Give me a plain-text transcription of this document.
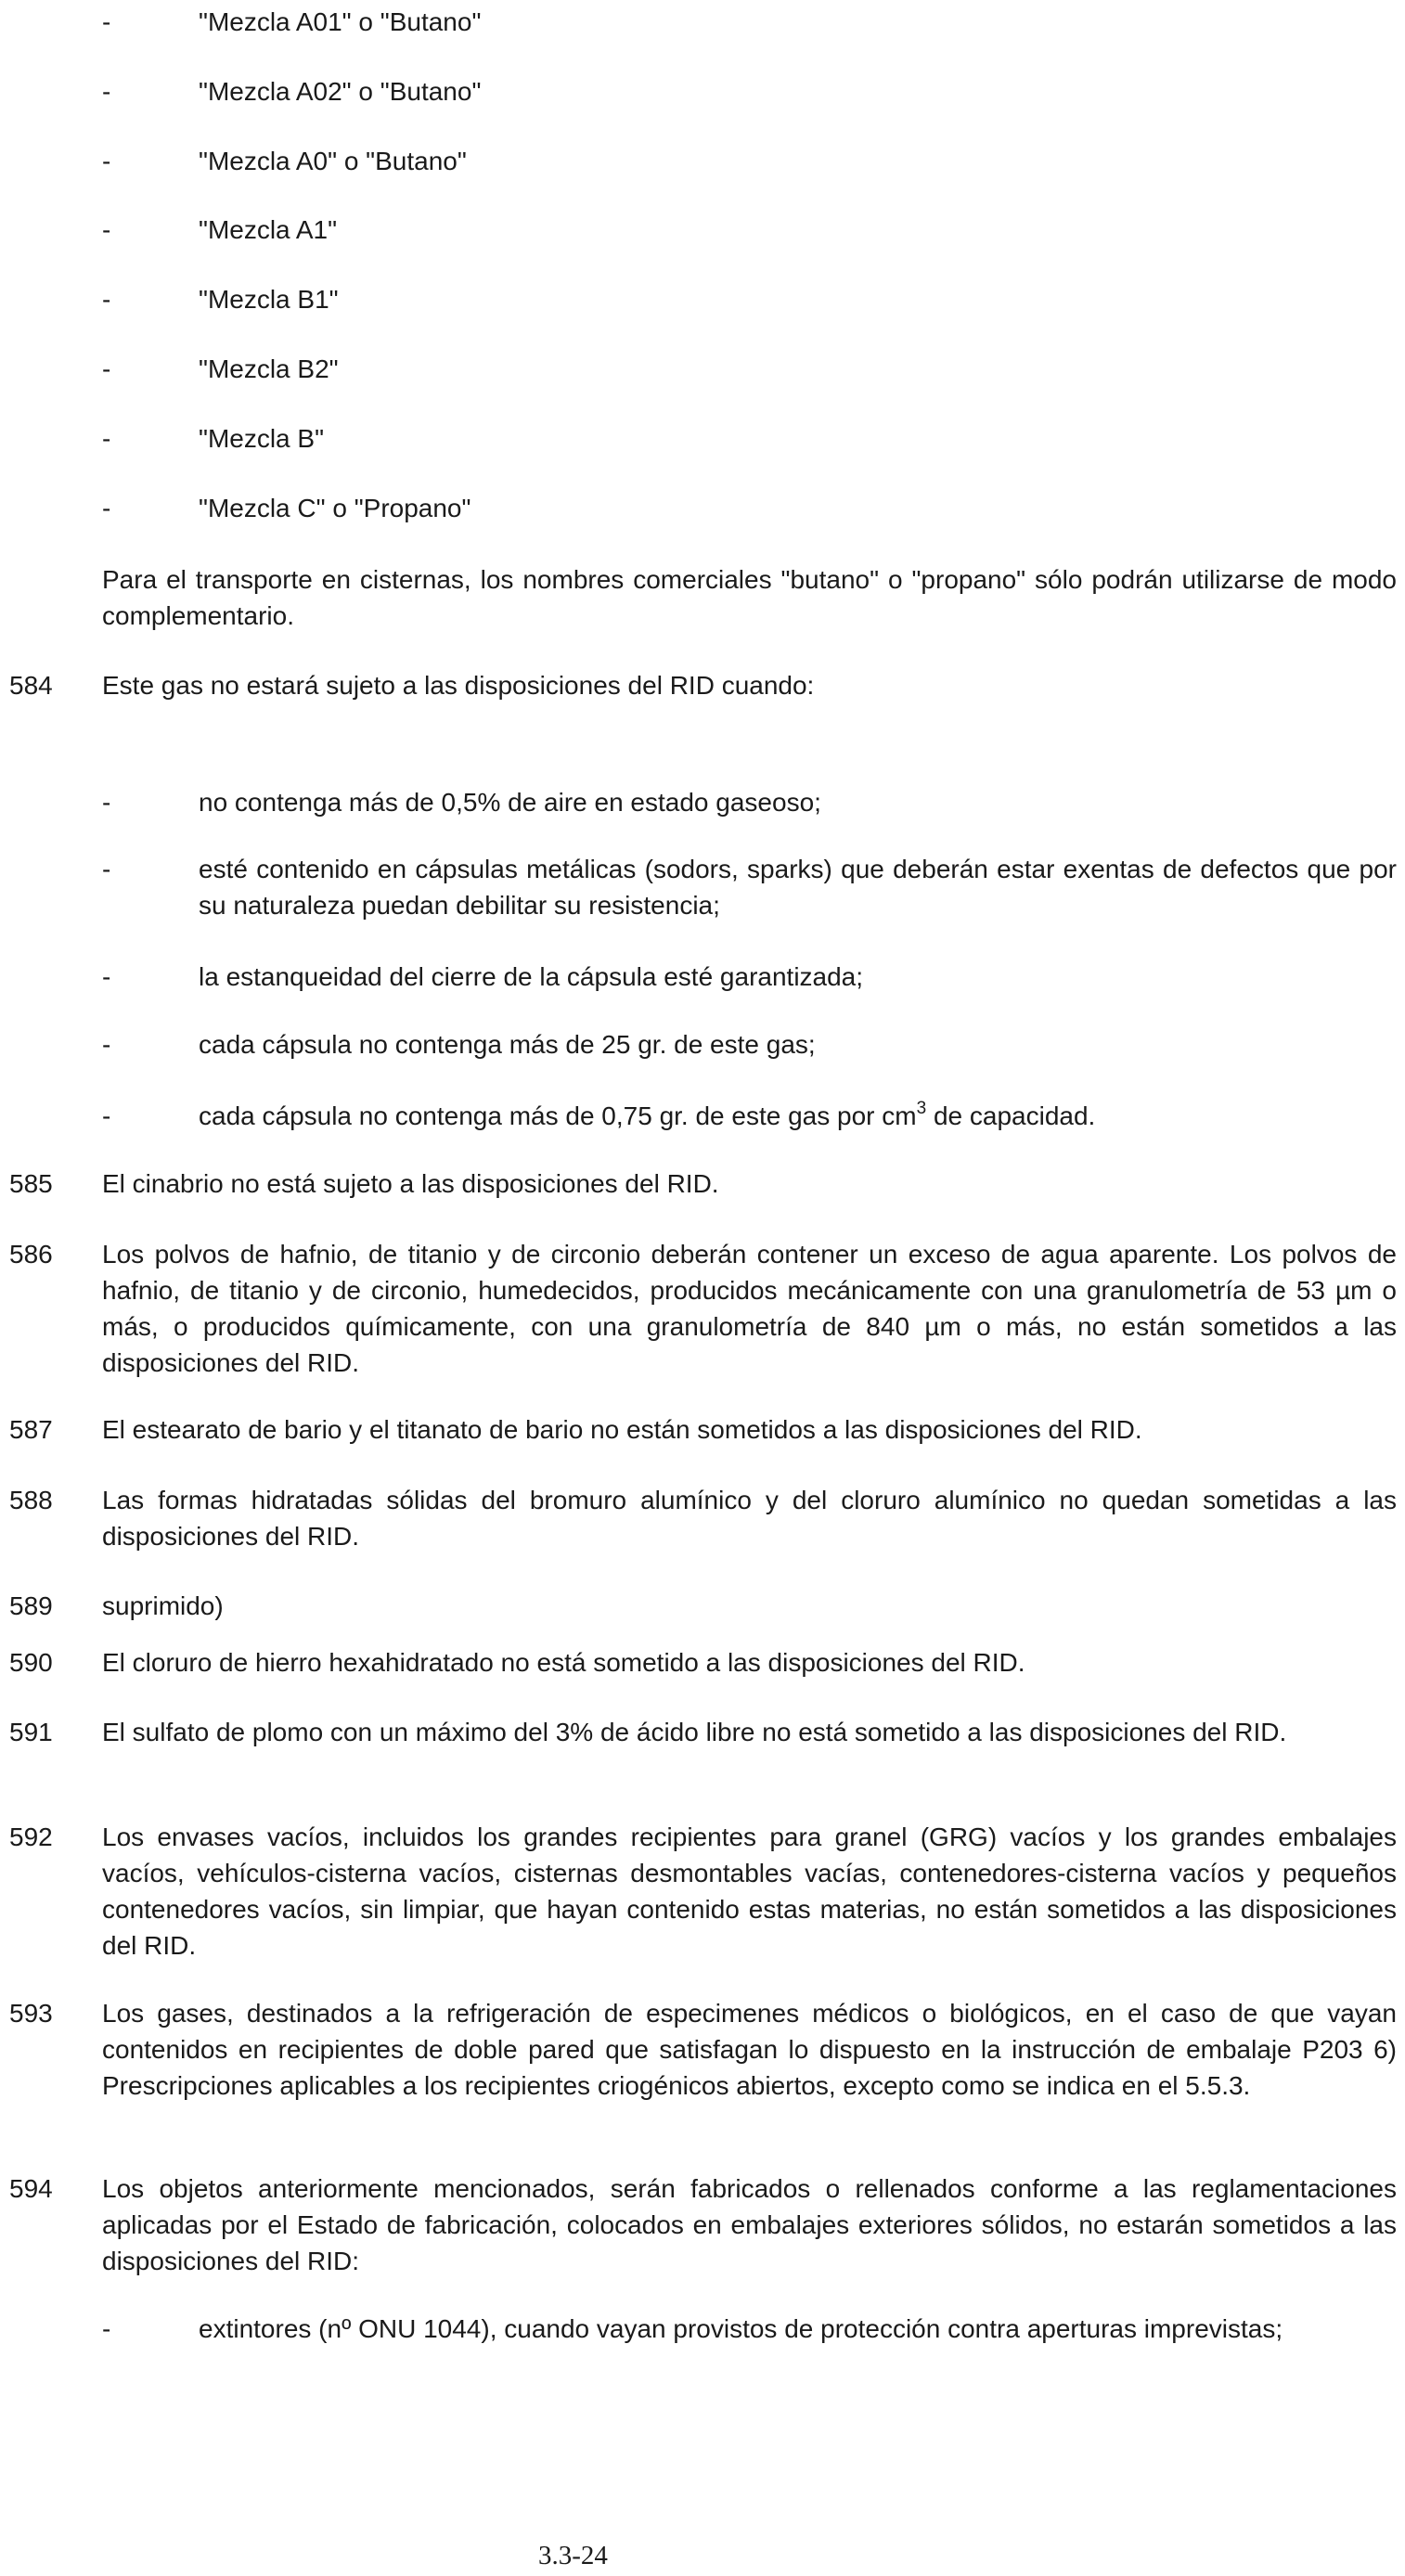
-	"Mezcla A01" o "Butano"
-	"Mezcla A02" o "Butano"
-	"Mezcla A0" o "Butano"
-	"Mezcla A1"
-	"Mezcla B1"
-	"Mezcla B2"
-	"Mezcla B"
-	"Mezcla C" o "Propano"
Para el transporte en cisternas, los nombres comerciales "butano" o "propano" sólo podrán utilizarse de modo complementario.
584 Este gas no estará sujeto a las disposiciones del RID cuando:
-	no contenga más de 0,5% de aire en estado gaseoso;
-	esté contenido en cápsulas metálicas (sodors, sparks) que deberán estar exentas de defectos que por su naturaleza puedan debilitar su resistencia;
-	la estanqueidad del cierre de la cápsula esté garantizada;
-	cada cápsula no contenga más de 25 gr. de este gas;
-	cada cápsula no contenga más de 0,75 gr. de este gas por $cm^3$ de capacidad.
585 El cinabrio no está sujeto a las disposiciones del RID.
586 Los polvos de hafnio, de titanio y de circonio deberán contener un exceso de agua aparente. Los polvos de hafnio, de titanio y de circonio, humedecidos, producidos mecánicamente con una granulometría de 53 µm o más, o producidos químicamente, con una granulometría de 840 µm o más, no están sometidos a las disposiciones del RID.
587 El estearato de bario y el titanato de bario no están sometidos a las disposiciones del RID.
588 Las formas hidratadas sólidas del bromuro alumínico y del cloruro alumínico no quedan sometidas a las disposiciones del RID.
589 suprimido)
590 El cloruro de hierro hexahidratado no está sometido a las disposiciones del RID.
591 El sulfato de plomo con un máximo del 3% de ácido libre no está sometido a las disposiciones del RID.
592 Los envases vacíos, incluidos los grandes recipientes para granel (GRG) vacíos y los grandes embalajes vacíos, vehículos-cisterna vacíos, cisternas desmontables vacías, contenedores-cisterna vacíos y pequeños contenedores vacíos, sin limpiar, que hayan contenido estas materias, no están sometidos a las disposiciones del RID.
593 Los gases, destinados a la refrigeración de especimenes médicos o biológicos, en el caso de que vayan contenidos en recipientes de doble pared que satisfagan lo dispuesto en la instrucción de embalaje P203 6) Prescripciones aplicables a los recipientes criogénicos abiertos, excepto como se indica en el 5.5.3.
594 Los objetos anteriormente mencionados, serán fabricados o rellenados conforme a las reglamentaciones aplicadas por el Estado de fabricación, colocados en embalajes exteriores sólidos, no estarán sometidos a las disposiciones del RID:
-	extintores (nº ONU 1044), cuando vayan provistos de protección contra aperturas imprevistas;
3.3-24
